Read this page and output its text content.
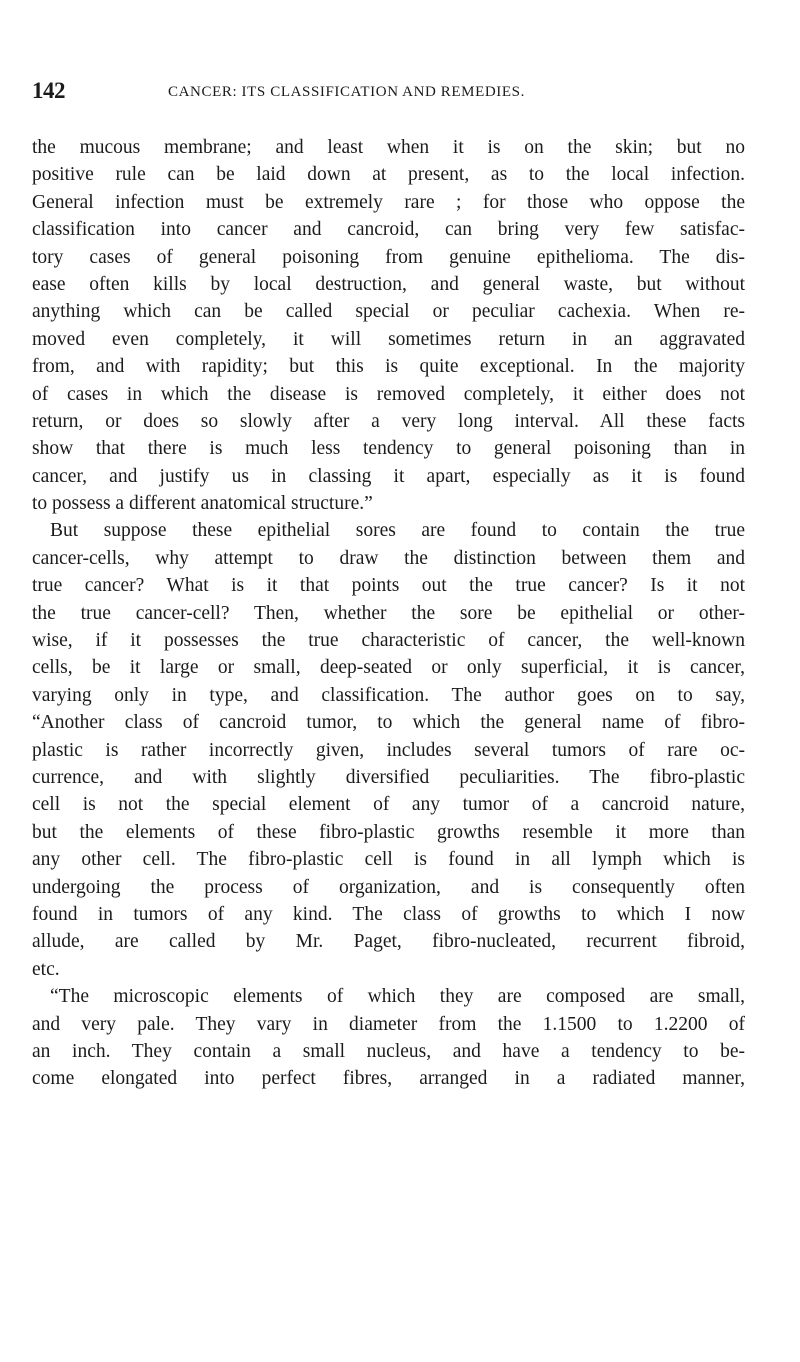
142	CANCER: ITS CLASSIFICATION AND REMEDIES.
the mucous membrane; and least when it is on the skin; but no
positive rule can be laid down at present, as to the local infection.
General infection must be extremely rare ; for those who oppose the
classification into cancer and cancroid, can bring very few satisfac-
tory cases of general poisoning from genuine epithelioma. The dis-
ease often kills by local destruction, and general waste, but without
anything which can be called special or peculiar cachexia. When re-
moved even completely, it will sometimes return in an aggravated
from, and with rapidity; but this is quite exceptional. In the majority
of cases in which the disease is removed completely, it either does not
return, or does so slowly after a very long interval. All these facts
show that there is much less tendency to general poisoning than in
cancer, and justify us in classing it apart, especially as it is found
to possess a different anatomical structure.”
But suppose these epithelial sores are found to contain the true
cancer-cells, why attempt to draw the distinction between them and
true cancer? What is it that points out the true cancer? Is it not
the true cancer-cell? Then, whether the sore be epithelial or other-
wise, if it possesses the true characteristic of cancer, the well-known
cells, be it large or small, deep-seated or only superficial, it is cancer,
varying only in type, and classification. The author goes on to say,
“Another class of cancroid tumor, to which the general name of fibro-
plastic is rather incorrectly given, includes several tumors of rare oc-
currence, and with slightly diversified peculiarities. The fibro-plastic
cell is not the special element of any tumor of a cancroid nature,
but the elements of these fibro-plastic growths resemble it more than
any other cell. The fibro-plastic cell is found in all lymph which is
undergoing the process of organization, and is consequently often
found in tumors of any kind. The class of growths to which I now
allude, are called by Mr. Paget, fibro-nucleated, recurrent fibroid,
etc.
“The microscopic elements of which they are composed are small,
and very pale. They vary in diameter from the 1.1500 to 1.2200 of
an inch. They contain a small nucleus, and have a tendency to be-
come elongated into perfect fibres, arranged in a radiated manner,
